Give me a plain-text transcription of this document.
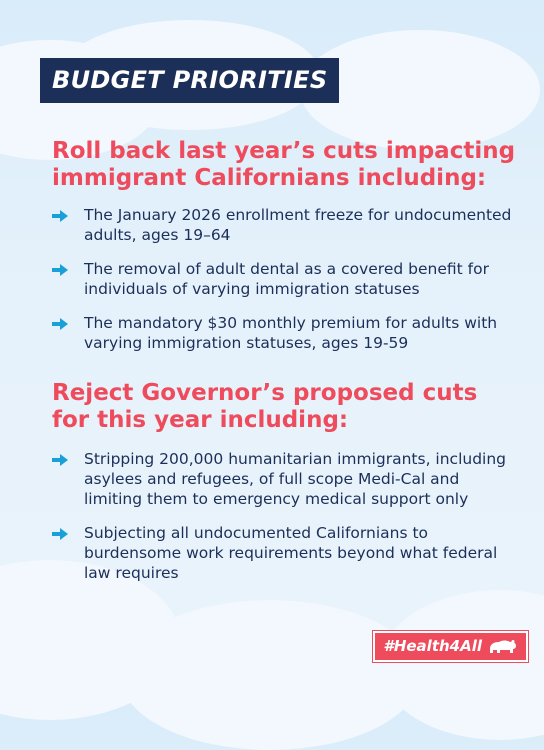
BUDGET PRIORITIES
Roll back last year’s cuts impacting immigrant Californians including:
The January 2026 enrollment freeze for undocumented adults, ages 19–64
The removal of adult dental as a covered benefit for individuals of varying immigration statuses
The mandatory $30 monthly premium for adults with varying immigration statuses, ages 19-59
Reject Governor’s proposed cuts for this year including:
Stripping 200,000 humanitarian immigrants, including asylees and refugees, of full scope Medi-Cal and limiting them to emergency medical support only
Subjecting all undocumented Californians to burdensome work requirements beyond what federal law requires
#Health4All
